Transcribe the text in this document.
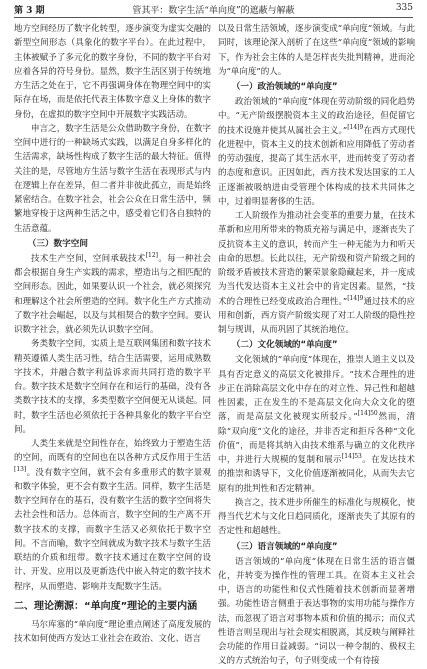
第 3 期	管其平：数字生活“单向度”的遮蔽与解蔽	335

地方空间经历了数字化转型，逐步演变为虚实交融的新型空间形态（具象化的数字平台）。在此过程中，主体被赋予了多元化的数字身份，不同的数字平台对应着各异的符号身份。显然，数字生活区别于传统地方生活之处在于，它不再强调身体在物理空间中的实际存在场，而是依托代表主体数字意义上身体的数字身份，在虚拟的数字空间中开展数字实践活动。

申言之，数字生活是公众借助数字身份，在数字空间中进行的一种缺场式实践，以满足自身多样化的生活需求，缺场性构成了数字生活的最大特征。值得关注的是，尽管地方生活与数字生活在表现形式与内在逻辑上存在差异，但二者并非彼此孤立，而是始终紧密结合。在数字社会，社会公众在日常生活中，频繁地穿梭于这两种生活之中，感受着它们各自独特的生活意蕴。

（三）数字空间

技术生产空间，空间承载技术[12]。每一种社会都会根据自身生产实践的需求，塑造出与之相匹配的空间形态。因此，如果要认识一个社会，就必须探究和理解这个社会所塑造的空间。数字化生产方式推动了数字社会崛起，以及与其相契合的数字空间。要认识数字社会，就必须先认识数字空间。

务类数字空间，实质上是互联网集团和数字技术精英遵循人类生活习性，结合生活需要，运用成熟数字技术，并融合数字利益诉求而共同打造的数字平台。数字技术是数字空间存在和运行的基础，没有各类数字技术的支撑，多类型数字空间便无从谈起。同时，数字生活也必须依托于各种具象化的数字平台空间。

人类生来就是空间性存在，始终致力于塑造生活的空间，而既有的空间也在以各种方式反作用于生活[13]。没有数字空间，就不会有多重形式的数字景观和数字体验，更不会有数字生活。同样，数字生活是数字空间存在的基石，没有数字生活的数字空间将失去社会性和活力。总体而言，数字空间的生产离不开数字技术的支撑，而数字生活又必须依托于数字空间。不言而喻，数字空间就成为数字技术与数字生活联结的介质和纽带。数字技术通过在数字空间的设计、开发、应用以及更新迭代中嵌入特定的数字技术程序，从而塑造、影响并支配数字生活。

二、理论溯源：“单向度”理论的主要内涵

马尔库塞的“单向度”理论重点阐述了高度发展的技术如何使西方发达工业社会在政治、文化、语言

以及日常生活领域，逐步演变成“单向度”领域。与此同时，该理论深入剖析了在这些“单向度”领域的影响下，作为社会主体的人是怎样丧失批判精神，进而沦为“单向度”的人。

（一）政治领域的“单向度”

政治领域的“单向度”体现在劳动阶级的同化趋势中。“无产阶级摆脱资本主义的政治途径，但促留它的技术设施并使其从属社会主义。”$^{[14]9}$在西方式现代化进程中，资本主义的技术创新和应用降低了劳动者的劳动强度，提高了其生活水平，进而转变了劳动者的态度和意识。正因如此，西方技术发达国家的工人正逐渐被吸纳进由受管理个体构成的技术共同体之中，过着明显奢侈的生活。

工人阶级作为推动社会变革的重要力量，在技术革新和应用所带来的物质充裕与满足中，逐渐丧失了反抗资本主义的意识，转而产生一种无能为力和听天由命的思想。长此以往，无产阶级和资产阶级之间的阶级矛盾被技术营造的繁荣景象隐藏起来，并一度成为当代发达资本主义社会中的肯定因素。显然，“技术的合理性已经变成政治合理性。”$^{[14]9}$通过技术的应用和创新，西方资产阶级实现了对工人阶级的隐性控制与规训，从而巩固了其统治地位。

（二）文化领域的“单向度”

文化领域的“单向度”体现在，推崇人道主义以及具有否定意义的高层文化被排斥。“技术合理性的进步正在消除高层文化中存在的对立性、异己性和超越性因素，正在发生的不是高层文化向大众文化的堕落，而是高层文化被现实所驳斥。”$^{[14]50}$然而，清除“双向度”文化的途径，并非否定和拒斥各种“文化价值”，而是将其纳入由技术维系与确立的文化秩序中，并进行大规模的复制和展示$^{[14]53}$。在发达技术的推崇和诱导下，文化价值逐渐被同化，从而失去它原有的批判性和否定精神。

换言之，技术进步所催生的标准化与规模化，使得当代艺术与文化日趋同质化，逐渐丧失了其原有的否定性和超越性。

（三）语言领域的“单向度”

语言领域的“单向度”体现在日常生活的语言僵化，并转变为操作性的管理工具。在资本主义社会中，语言的功能性和仪式性随着技术创新而显著增强。功能性语言侧重于表达事物的实用功能与操作方法，而忽视了语言对事物本质和价值的揭示；而仪式性语言则呈现出与社会现实相脱离，其反映与阐释社会功能的作用日益减弱。“词以一种令制的、极权主义的方式统治句子，句子则变成一个有待接
